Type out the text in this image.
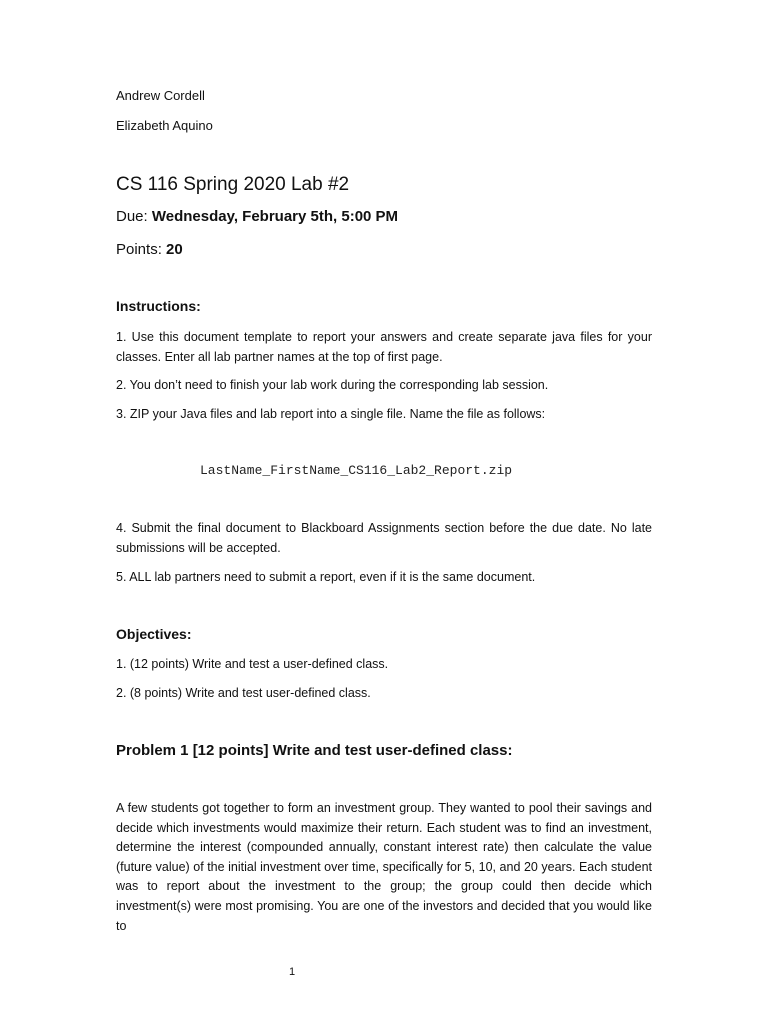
Andrew Cordell
Elizabeth Aquino
CS 116 Spring 2020 Lab #2
Due: Wednesday, February 5th, 5:00 PM
Points: 20
Instructions:

1. Use this document template to report your answers and create separate java files for your classes. Enter all lab partner names at the top of first page.

2. You don’t need to finish your lab work during the corresponding lab session.

3. ZIP your Java files and lab report into a single file. Name the file as follows:

LastName_FirstName_CS116_Lab2_Report.zip

4. Submit the final document to Blackboard Assignments section before the due date. No late submissions will be accepted.

5. ALL lab partners need to submit a report, even if it is the same document.

Objectives:

1. (12 points) Write and test a user-defined class.

2. (8 points) Write and test user-defined class.

Problem 1 [12 points] Write and test user-defined class:

A few students got together to form an investment group. They wanted to pool their savings and decide which investments would maximize their return. Each student was to find an investment, determine the interest (compounded annually, constant interest rate) then calculate the value (future value) of the initial investment over time, specifically for 5, 10, and 20 years. Each student was to report about the investment to the group; the group could then decide which investment(s) were most promising. You are one of the investors and decided that you would like to

1
